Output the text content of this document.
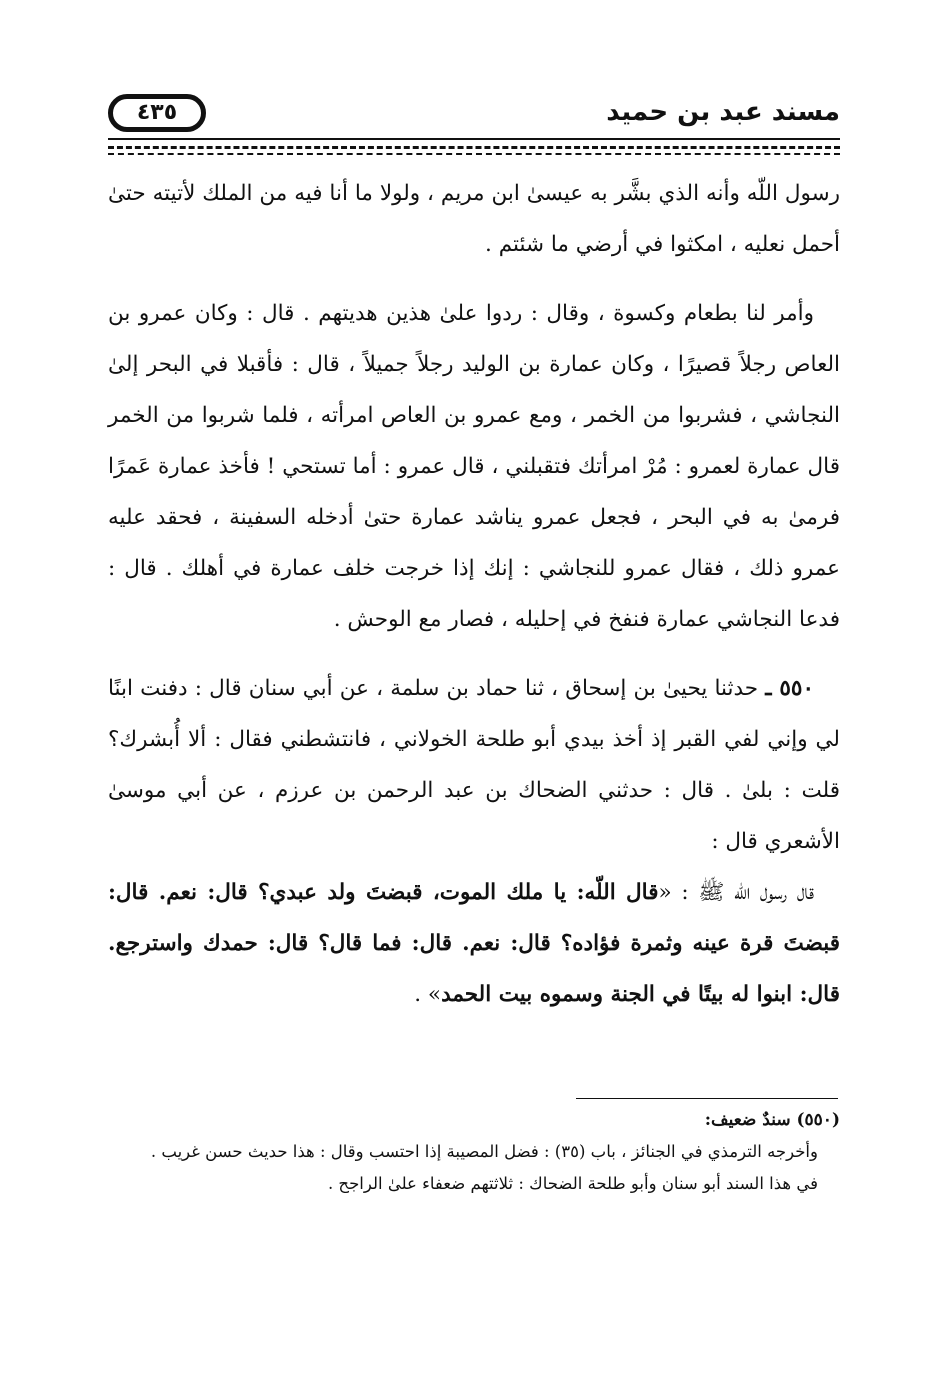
مسند عبد بن حميد
٤٣٥

رسول اللّه وأنه الذي بشَّر به عيسىٰ ابن مريم ، ولولا ما أنا فيه من الملك لأتيته حتىٰ أحمل نعليه ، امكثوا في أرضي ما شئتم .

وأمر لنا بطعام وكسوة ، وقال : ردوا علىٰ هذين هديتهم . قال : وكان عمرو بن العاص رجلاً قصيرًا ، وكان عمارة بن الوليد رجلاً جميلاً ، قال : فأقبلا في البحر إلىٰ النجاشي ، فشربوا من الخمر ، ومع عمرو بن العاص امرأته ، فلما شربوا من الخمر قال عمارة لعمرو : مُرْ امرأتك فتقبلني ، قال عمرو : أما تستحي ! فأخذ عمارة عَمرًا فرمىٰ به في البحر ، فجعل عمرو يناشد عمارة حتىٰ أدخله السفينة ، فحقد عليه عمرو ذلك ، فقال عمرو للنجاشي : إنك إذا خرجت خلف عمارة في أهلك . قال : فدعا النجاشي عمارة فنفخ في إحليله ، فصار مع الوحش .

٥٥٠ ـ حدثنا يحيىٰ بن إسحاق ، ثنا حماد بن سلمة ، عن أبي سنان قال : دفنت ابنًا لي وإني لفي القبر إذ أخذ بيدي أبو طلحة الخولاني ، فانتشطني فقال : ألا أُبشرك؟ قلت : بلىٰ . قال : حدثني الضحاك بن عبد الرحمن بن عرزم ، عن أبي موسىٰ الأشعري قال :

قال رسول اللّه ﷺ : «قال اللّه: يا ملك الموت، قبضتَ ولد عبدي؟ قال: نعم. قال: قبضتَ قرة عينه وثمرة فؤاده؟ قال: نعم. قال: فما قال؟ قال: حمدك واسترجع. قال: ابنوا له بيتًا في الجنة وسموه بيت الحمد» .

(٥٥٠) سندٌ ضعيف:

وأخرجه الترمذي في الجنائز ، باب (٣٥) : فضل المصيبة إذا احتسب وقال : هذا حديث حسن غريب .

في هذا السند أبو سنان وأبو طلحة الضحاك : ثلاثتهم ضعفاء علىٰ الراجح .
